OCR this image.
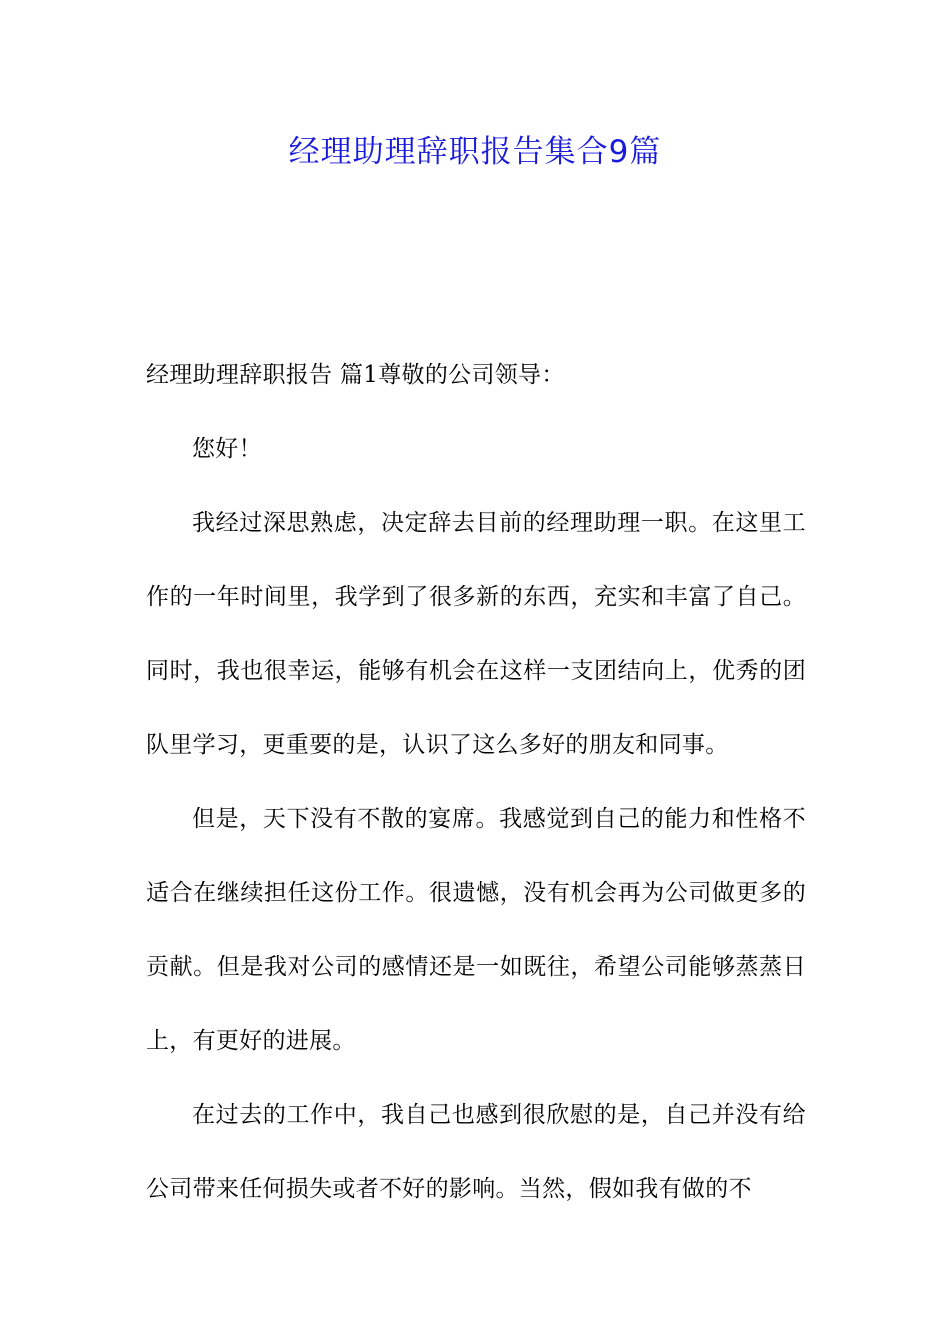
经理助理辞职报告集合9篇

经理助理辞职报告 篇1尊敬的公司领导：

您好！

我经过深思熟虑，决定辞去目前的经理助理一职。在这里工作的一年时间里，我学到了很多新的东西，充实和丰富了自己。同时，我也很幸运，能够有机会在这样一支团结向上，优秀的团队里学习，更重要的是，认识了这么多好的朋友和同事。

但是，天下没有不散的宴席。我感觉到自己的能力和性格不适合在继续担任这份工作。很遗憾，没有机会再为公司做更多的贡献。但是我对公司的感情还是一如既往，希望公司能够蒸蒸日上，有更好的进展。

在过去的工作中，我自己也感到很欣慰的是，自己并没有给公司带来任何损失或者不好的影响。当然，假如我有做的不
